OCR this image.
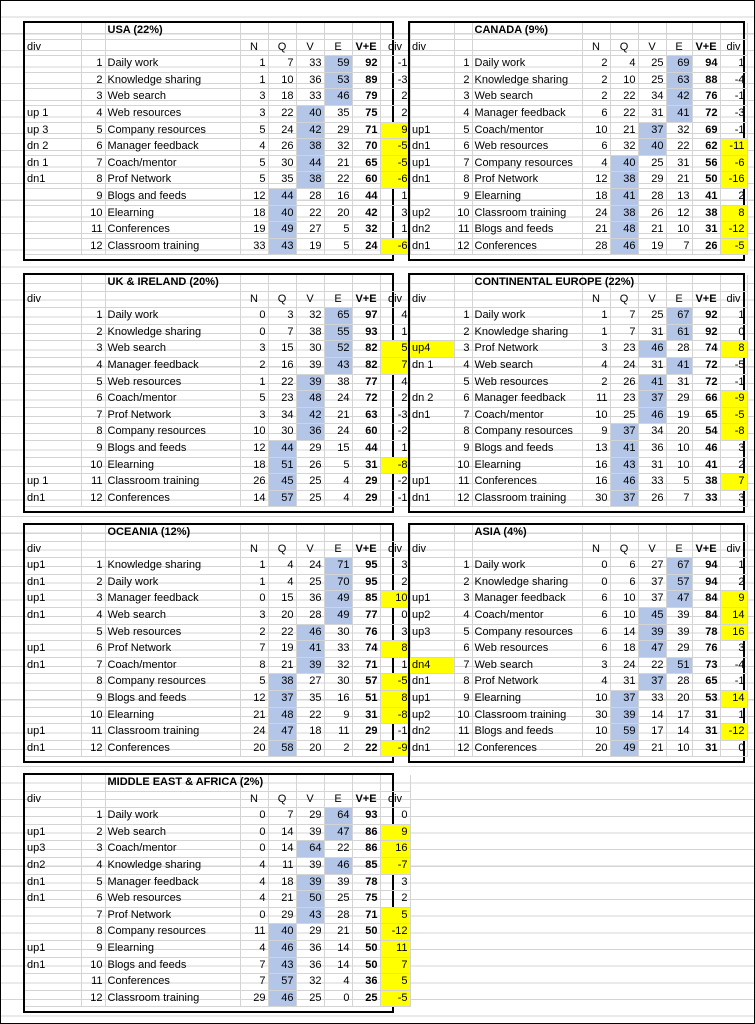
		USA (22%)						
div			N	Q	V	E	V+E	div
	1	Daily work	1	7	33	59	92	-1
	2	Knowledge sharing	1	10	36	53	89	-3
	3	Web search	3	18	33	46	79	2
up 1	4	Web resources	3	22	40	35	75	2
up 3	5	Company resources	5	24	42	29	71	9
dn 2	6	Manager feedback	4	26	38	32	70	-5
dn 1	7	Coach/mentor	5	30	44	21	65	-5
dn1	8	Prof Network	5	35	38	22	60	-6
	9	Blogs and feeds	12	44	28	16	44	1
	10	Elearning	18	40	22	20	42	3
	11	Conferences	19	49	27	5	32	1
	12	Classroom training	33	43	19	5	24	-6
		CANADA (9%)						
div			N	Q	V	E	V+E	div
	1	Daily work	2	4	25	69	94	1
	2	Knowledge sharing	2	10	25	63	88	-4
	3	Web search	2	22	34	42	76	-1
	4	Manager feedback	6	22	31	41	72	-3
up1	5	Coach/mentor	10	21	37	32	69	-1
dn1	6	Web resources	6	32	40	22	62	-11
up1	7	Company resources	4	40	25	31	56	-6
dn1	8	Prof Network	12	38	29	21	50	-16
	9	Elearning	18	41	28	13	41	2
up2	10	Classroom training	24	38	26	12	38	8
dn2	11	Blogs and feeds	21	48	21	10	31	-12
dn1	12	Conferences	28	46	19	7	26	-5
		UK & IRELAND (20%)						
div			N	Q	V	E	V+E	div
	1	Daily work	0	3	32	65	97	4
	2	Knowledge sharing	0	7	38	55	93	1
	3	Web search	3	15	30	52	82	5
	4	Manager feedback	2	16	39	43	82	7
	5	Web resources	1	22	39	38	77	4
	6	Coach/mentor	5	23	48	24	72	2
	7	Prof Network	3	34	42	21	63	-3
	8	Company resources	10	30	36	24	60	-2
	9	Blogs and feeds	12	44	29	15	44	1
	10	Elearning	18	51	26	5	31	-8
up 1	11	Classroom training	26	45	25	4	29	-2
dn1	12	Conferences	14	57	25	4	29	-1
		CONTINENTAL EUROPE (22%)						
div			N	Q	V	E	V+E	div
	1	Daily work	1	7	25	67	92	1
	2	Knowledge sharing	1	7	31	61	92	0
up4	3	Prof Network	3	23	46	28	74	8
dn 1	4	Web search	4	24	31	41	72	-5
	5	Web resources	2	26	41	31	72	-1
dn 2	6	Manager feedback	11	23	37	29	66	-9
dn1	7	Coach/mentor	10	25	46	19	65	-5
	8	Company resources	9	37	34	20	54	-8
	9	Blogs and feeds	13	41	36	10	46	3
	10	Elearning	16	43	31	10	41	2
up1	11	Conferences	16	46	33	5	38	7
dn1	12	Classroom training	30	37	26	7	33	3
		OCEANIA (12%)						
div			N	Q	V	E	V+E	div
up1	1	Knowledge sharing	1	4	24	71	95	3
dn1	2	Daily work	1	4	25	70	95	2
up1	3	Manager feedback	0	15	36	49	85	10
dn1	4	Web search	3	20	28	49	77	0
	5	Web resources	2	22	46	30	76	3
up1	6	Prof Network	7	19	41	33	74	8
dn1	7	Coach/mentor	8	21	39	32	71	1
	8	Company resources	5	38	27	30	57	-5
	9	Blogs and feeds	12	37	35	16	51	8
	10	Elearning	21	48	22	9	31	-8
up1	11	Classroom training	24	47	18	11	29	-1
dn1	12	Conferences	20	58	20	2	22	-9
		ASIA (4%)						
div			N	Q	V	E	V+E	div
	1	Daily work	0	6	27	67	94	1
	2	Knowledge sharing	0	6	37	57	94	2
up1	3	Manager feedback	6	10	37	47	84	9
up2	4	Coach/mentor	6	10	45	39	84	14
up3	5	Company resources	6	14	39	39	78	16
	6	Web resources	6	18	47	29	76	3
dn4	7	Web search	3	24	22	51	73	-4
dn1	8	Prof Network	4	31	37	28	65	-1
up1	9	Elearning	10	37	33	20	53	14
up2	10	Classroom training	30	39	14	17	31	1
dn2	11	Blogs and feeds	10	59	17	14	31	-12
dn1	12	Conferences	20	49	21	10	31	0
		MIDDLE EAST & AFRICA (2%)						
div			N	Q	V	E	V+E	div
	1	Daily work	0	7	29	64	93	0
up1	2	Web search	0	14	39	47	86	9
up3	3	Coach/mentor	0	14	64	22	86	16
dn2	4	Knowledge sharing	4	11	39	46	85	-7
dn1	5	Manager feedback	4	18	39	39	78	3
dn1	6	Web resources	4	21	50	25	75	2
	7	Prof Network	0	29	43	28	71	5
	8	Company resources	11	40	29	21	50	-12
up1	9	Elearning	4	46	36	14	50	11
dn1	10	Blogs and feeds	7	43	36	14	50	7
	11	Conferences	7	57	32	4	36	5
	12	Classroom training	29	46	25	0	25	-5
